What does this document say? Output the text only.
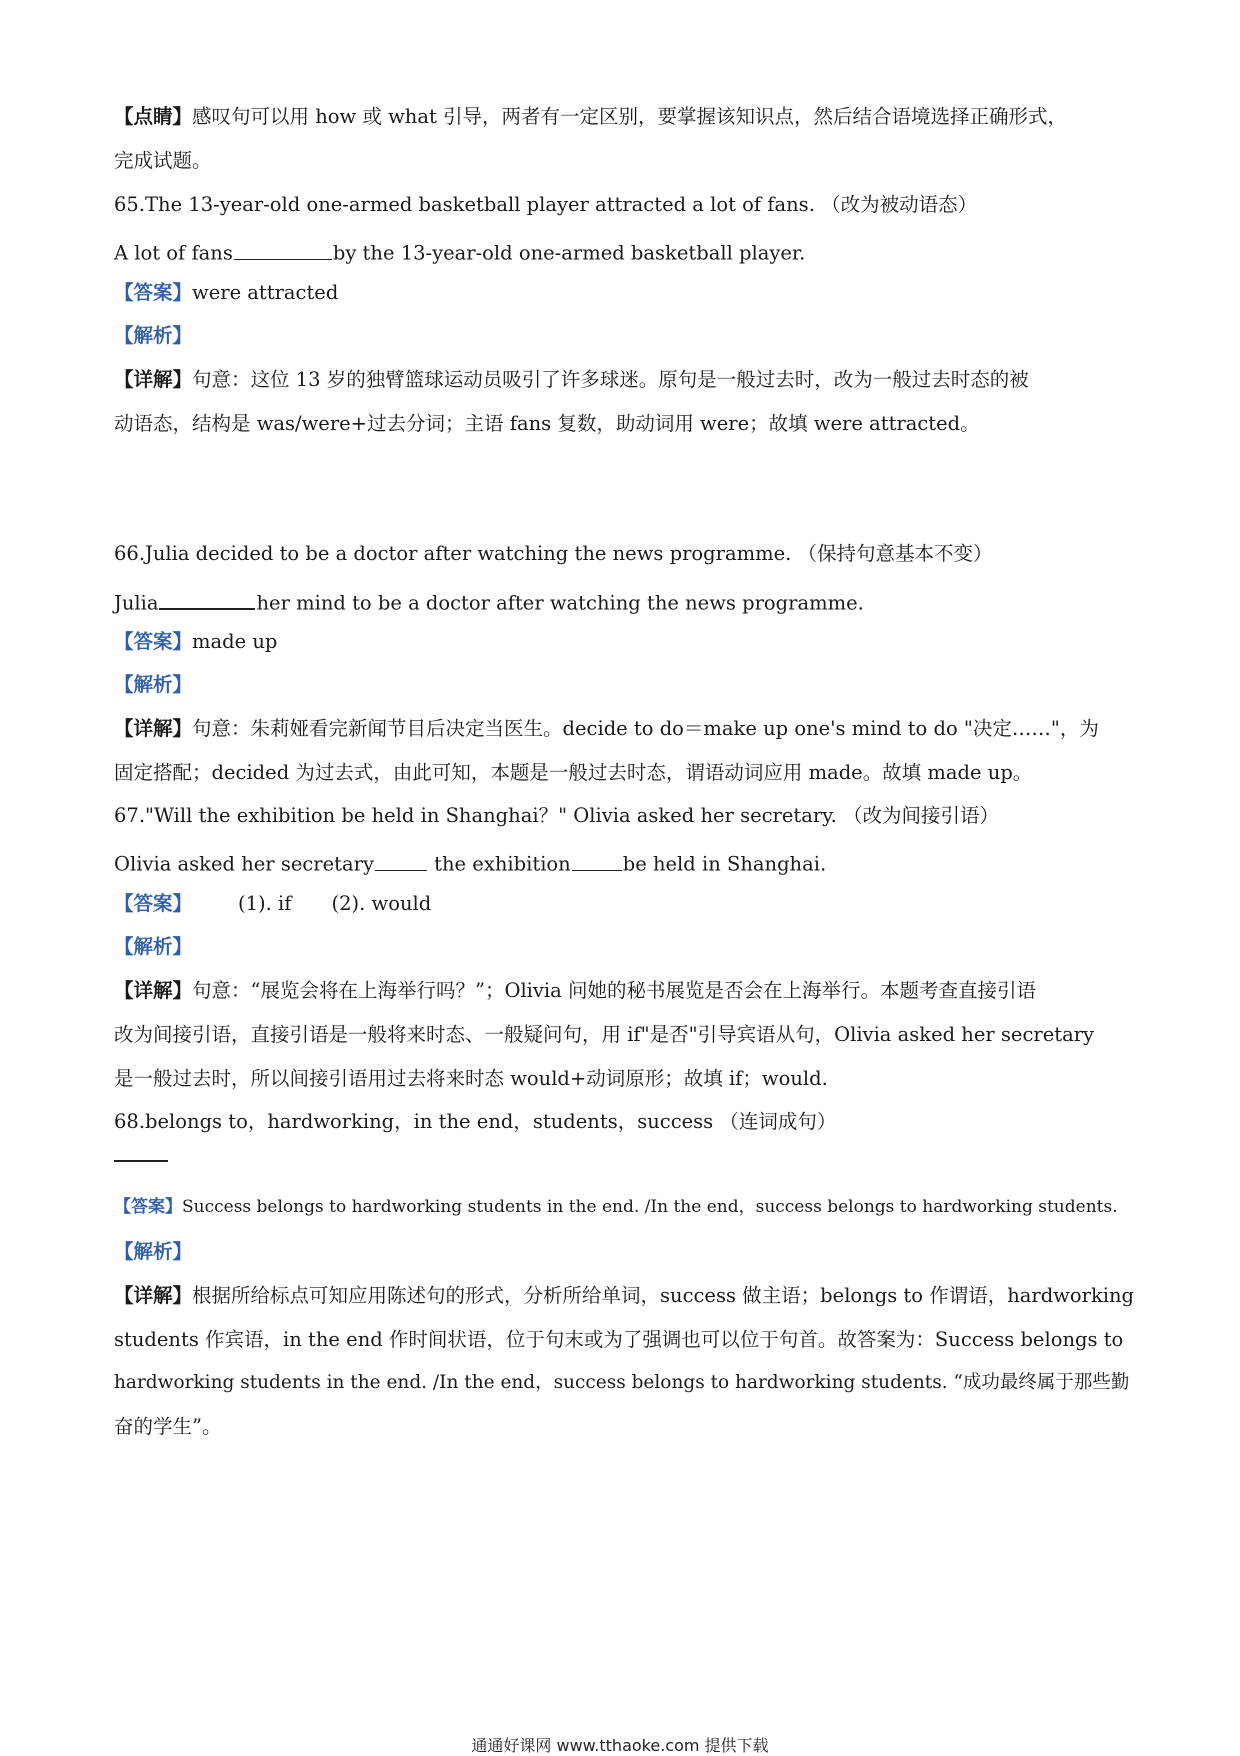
【点睛】感叹句可以用 how 或 what 引导，两者有一定区别，要掌握该知识点，然后结合语境选择正确形式，
完成试题。
65.The 13-year-old one-armed basketball player attracted a lot of fans. （改为被动语态）
A lot of fans	by the 13-year-old one-armed basketball player.
【答案】were attracted
【解析】
【详解】句意：这位 13 岁的独臂篮球运动员吸引了许多球迷。原句是一般过去时，改为一般过去时态的被
动语态，结构是 was/were+过去分词；主语 fans 复数，助动词用 were；故填 were attracted。
66.Julia decided to be a doctor after watching the news programme. （保持句意基本不变）
Julia	her mind to be a doctor after watching the news programme.
【答案】made up
【解析】
【详解】句意：朱莉娅看完新闻节目后决定当医生。decide to do＝make up one's mind to do "决定……"，为
固定搭配；decided 为过去式，由此可知，本题是一般过去时态，谓语动词应用 made。故填 made up。
67."Will the exhibition be held in Shanghai？" Olivia asked her secretary. （改为间接引语）
Olivia asked her secretary	the exhibition	be held in Shanghai.
【答案】 (1). if (2). would
【解析】
【详解】句意：“展览会将在上海举行吗？”；Olivia 问她的秘书展览是否会在上海举行。本题考查直接引语
改为间接引语，直接引语是一般将来时态、一般疑问句，用 if"是否"引导宾语从句，Olivia asked her secretary
是一般过去时，所以间接引语用过去将来时态 would+动词原形；故填 if；would.
68.belongs to，hardworking，in the end，students，success （连词成句）
【答案】Success belongs to hardworking students in the end. /In the end，success belongs to hardworking students.
【解析】
【详解】根据所给标点可知应用陈述句的形式，分析所给单词，success 做主语；belongs to 作谓语，hardworking
students 作宾语，in the end 作时间状语，位于句末或为了强调也可以位于句首。故答案为：Success belongs to
hardworking students in the end. /In the end，success belongs to hardworking students. “成功最终属于那些勤
奋的学生”。
通通好课网 www.tthaoke.com 提供下载
